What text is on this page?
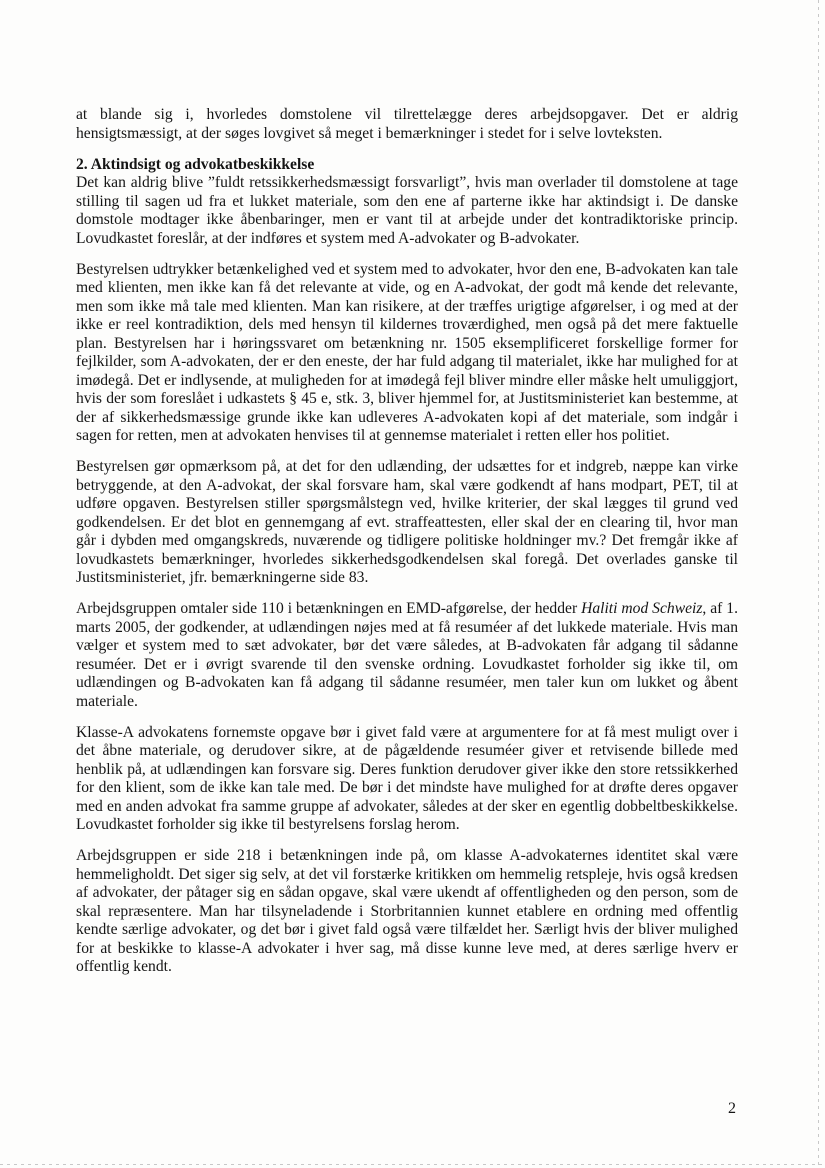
at blande sig i, hvorledes domstolene vil tilrettelægge deres arbejdsopgaver. Det er aldrig hensigtsmæssigt, at der søges lovgivet så meget i bemærkninger i stedet for i selve lovteksten.

2. Aktindsigt og advokatbeskikkelse

Det kan aldrig blive ”fuldt retssikkerhedsmæssigt forsvarligt”, hvis man overlader til domstolene at tage stilling til sagen ud fra et lukket materiale, som den ene af parterne ikke har aktindsigt i. De danske domstole modtager ikke åbenbaringer, men er vant til at arbejde under det kontradiktoriske princip. Lovudkastet foreslår, at der indføres et system med A-advokater og B-advokater.

Bestyrelsen udtrykker betænkelighed ved et system med to advokater, hvor den ene, B-advokaten kan tale med klienten, men ikke kan få det relevante at vide, og en A-advokat, der godt må kende det relevante, men som ikke må tale med klienten. Man kan risikere, at der træffes urigtige afgørelser, i og med at der ikke er reel kontradiktion, dels med hensyn til kildernes troværdighed, men også på det mere faktuelle plan. Bestyrelsen har i høringssvaret om betænkning nr. 1505 eksemplificeret forskellige former for fejlkilder, som A-advokaten, der er den eneste, der har fuld adgang til materialet, ikke har mulighed for at imødegå. Det er indlysende, at muligheden for at imødegå fejl bliver mindre eller måske helt umuliggjort, hvis der som foreslået i udkastets § 45 e, stk. 3, bliver hjemmel for, at Justitsministeriet kan bestemme, at der af sikkerhedsmæssige grunde ikke kan udleveres A-advokaten kopi af det materiale, som indgår i sagen for retten, men at advokaten henvises til at gennemse materialet i retten eller hos politiet.

Bestyrelsen gør opmærksom på, at det for den udlænding, der udsættes for et indgreb, næppe kan virke betryggende, at den A-advokat, der skal forsvare ham, skal være godkendt af hans modpart, PET, til at udføre opgaven. Bestyrelsen stiller spørgsmålstegn ved, hvilke kriterier, der skal lægges til grund ved godkendelsen. Er det blot en gennemgang af evt. straffeattesten, eller skal der en clearing til, hvor man går i dybden med omgangskreds, nuværende og tidligere politiske holdninger mv.? Det fremgår ikke af lovudkastets bemærkninger, hvorledes sikkerhedsgodkendelsen skal foregå. Det overlades ganske til Justitsministeriet, jfr. bemærkningerne side 83.

Arbejdsgruppen omtaler side 110 i betænkningen en EMD-afgørelse, der hedder Haliti mod Schweiz, af 1. marts 2005, der godkender, at udlændingen nøjes med at få resuméer af det lukkede materiale. Hvis man vælger et system med to sæt advokater, bør det være således, at B-advokaten får adgang til sådanne resuméer. Det er i øvrigt svarende til den svenske ordning. Lovudkastet forholder sig ikke til, om udlændingen og B-advokaten kan få adgang til sådanne resuméer, men taler kun om lukket og åbent materiale.

Klasse-A advokatens fornemste opgave bør i givet fald være at argumentere for at få mest muligt over i det åbne materiale, og derudover sikre, at de pågældende resuméer giver et retvisende billede med henblik på, at udlændingen kan forsvare sig. Deres funktion derudover giver ikke den store retssikkerhed for den klient, som de ikke kan tale med. De bør i det mindste have mulighed for at drøfte deres opgaver med en anden advokat fra samme gruppe af advokater, således at der sker en egentlig dobbeltbeskikkelse. Lovudkastet forholder sig ikke til bestyrelsens forslag herom.

Arbejdsgruppen er side 218 i betænkningen inde på, om klasse A-advokaternes identitet skal være hemmeligholdt. Det siger sig selv, at det vil forstærke kritikken om hemmelig retspleje, hvis også kredsen af advokater, der påtager sig en sådan opgave, skal være ukendt af offentligheden og den person, som de skal repræsentere. Man har tilsyneladende i Storbritannien kunnet etablere en ordning med offentlig kendte særlige advokater, og det bør i givet fald også være tilfældet her. Særligt hvis der bliver mulighed for at beskikke to klasse-A advokater i hver sag, må disse kunne leve med, at deres særlige hverv er offentlig kendt.

2
